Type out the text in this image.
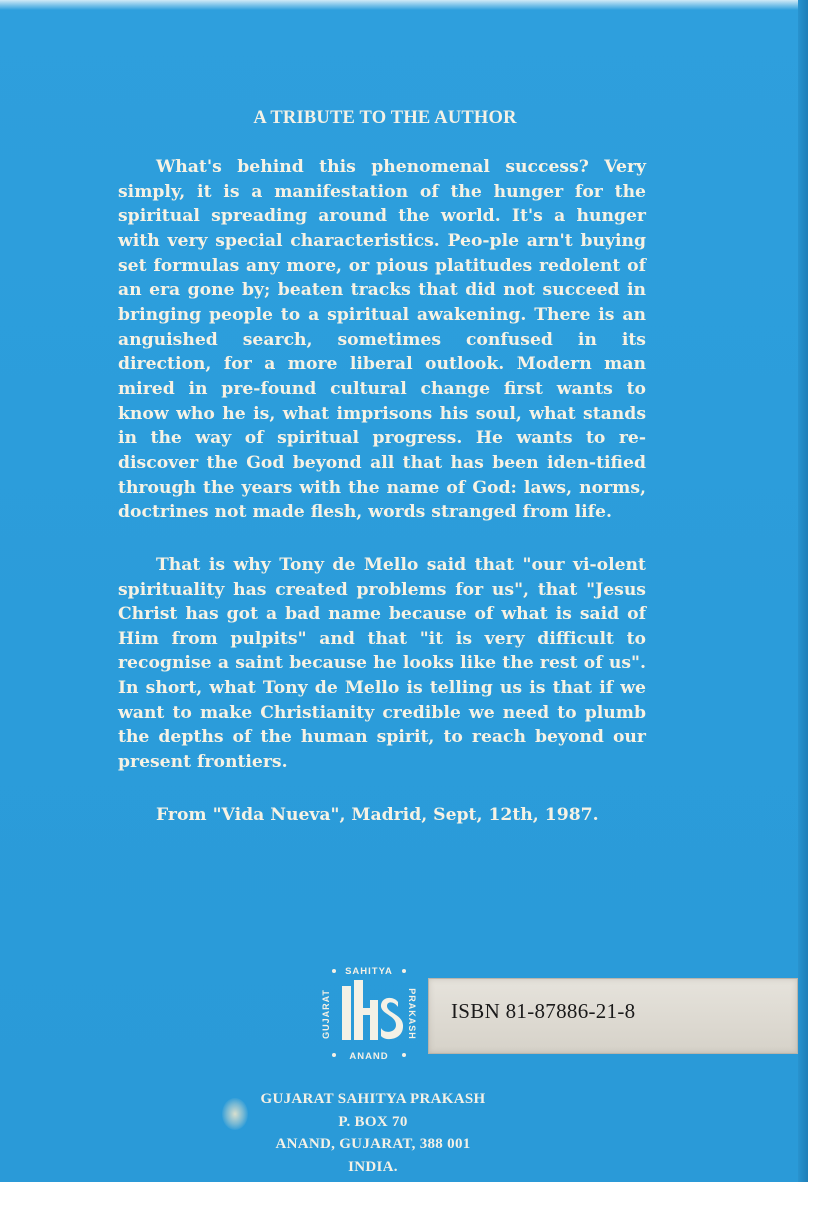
A TRIBUTE TO THE AUTHOR

What's behind this phenomenal success? Very simply, it is a manifestation of the hunger for the spiritual spreading around the world. It's a hunger with very special characteristics. Peo-ple arn't buying set formulas any more, or pious platitudes redolent of an era gone by; beaten tracks that did not succeed in bringing people to a spiritual awakening. There is an anguished search, sometimes confused in its direction, for a more liberal outlook. Modern man mired in pre-found cultural change first wants to know who he is, what imprisons his soul, what stands in the way of spiritual progress. He wants to re-discover the God beyond all that has been iden-tified through the years with the name of God: laws, norms, doctrines not made flesh, words stranged from life.

That is why Tony de Mello said that "our vi-olent spirituality has created problems for us", that "Jesus Christ has got a bad name because of what is said of Him from pulpits" and that "it is very difficult to recognise a saint because he looks like the rest of us". In short, what Tony de Mello is telling us is that if we want to make Christianity credible we need to plumb the depths of the human spirit, to reach beyond our present frontiers.

From "Vida Nueva", Madrid, Sept, 12th, 1987.

SAHITYA
ANAND
GUJARAT	PRAKASH ISBN 81-87886-21-8
GUJARAT SAHITYA PRAKASH
P. BOX 70
ANAND, GUJARAT, 388 001
INDIA.
